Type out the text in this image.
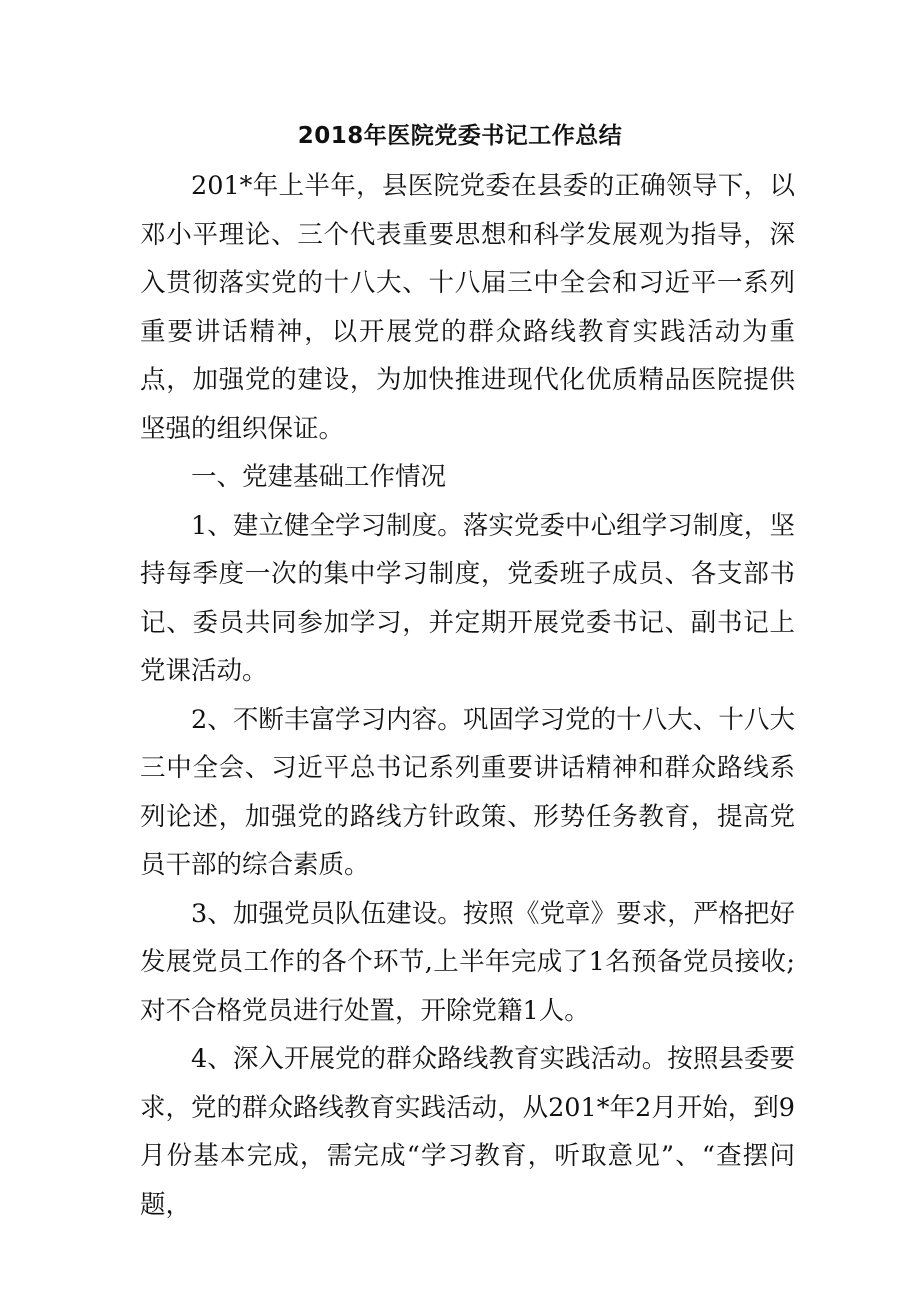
2018年医院党委书记工作总结

201*年上半年，县医院党委在县委的正确领导下，以邓小平理论、三个代表重要思想和科学发展观为指导，深入贯彻落实党的十八大、十八届三中全会和习近平一系列重要讲话精神，以开展党的群众路线教育实践活动为重点，加强党的建设，为加快推进现代化优质精品医院提供坚强的组织保证。

一、党建基础工作情况

1、建立健全学习制度。落实党委中心组学习制度，坚持每季度一次的集中学习制度，党委班子成员、各支部书记、委员共同参加学习，并定期开展党委书记、副书记上党课活动。

2、不断丰富学习内容。巩固学习党的十八大、十八大三中全会、习近平总书记系列重要讲话精神和群众路线系列论述，加强党的路线方针政策、形势任务教育，提高党员干部的综合素质。

3、加强党员队伍建设。按照《党章》要求，严格把好发展党员工作的各个环节,上半年完成了1名预备党员接收;对不合格党员进行处置，开除党籍1人。

4、深入开展党的群众路线教育实践活动。按照县委要求，党的群众路线教育实践活动，从201*年2月开始，到9月份基本完成，需完成“学习教育，听取意见”、“查摆问题，
